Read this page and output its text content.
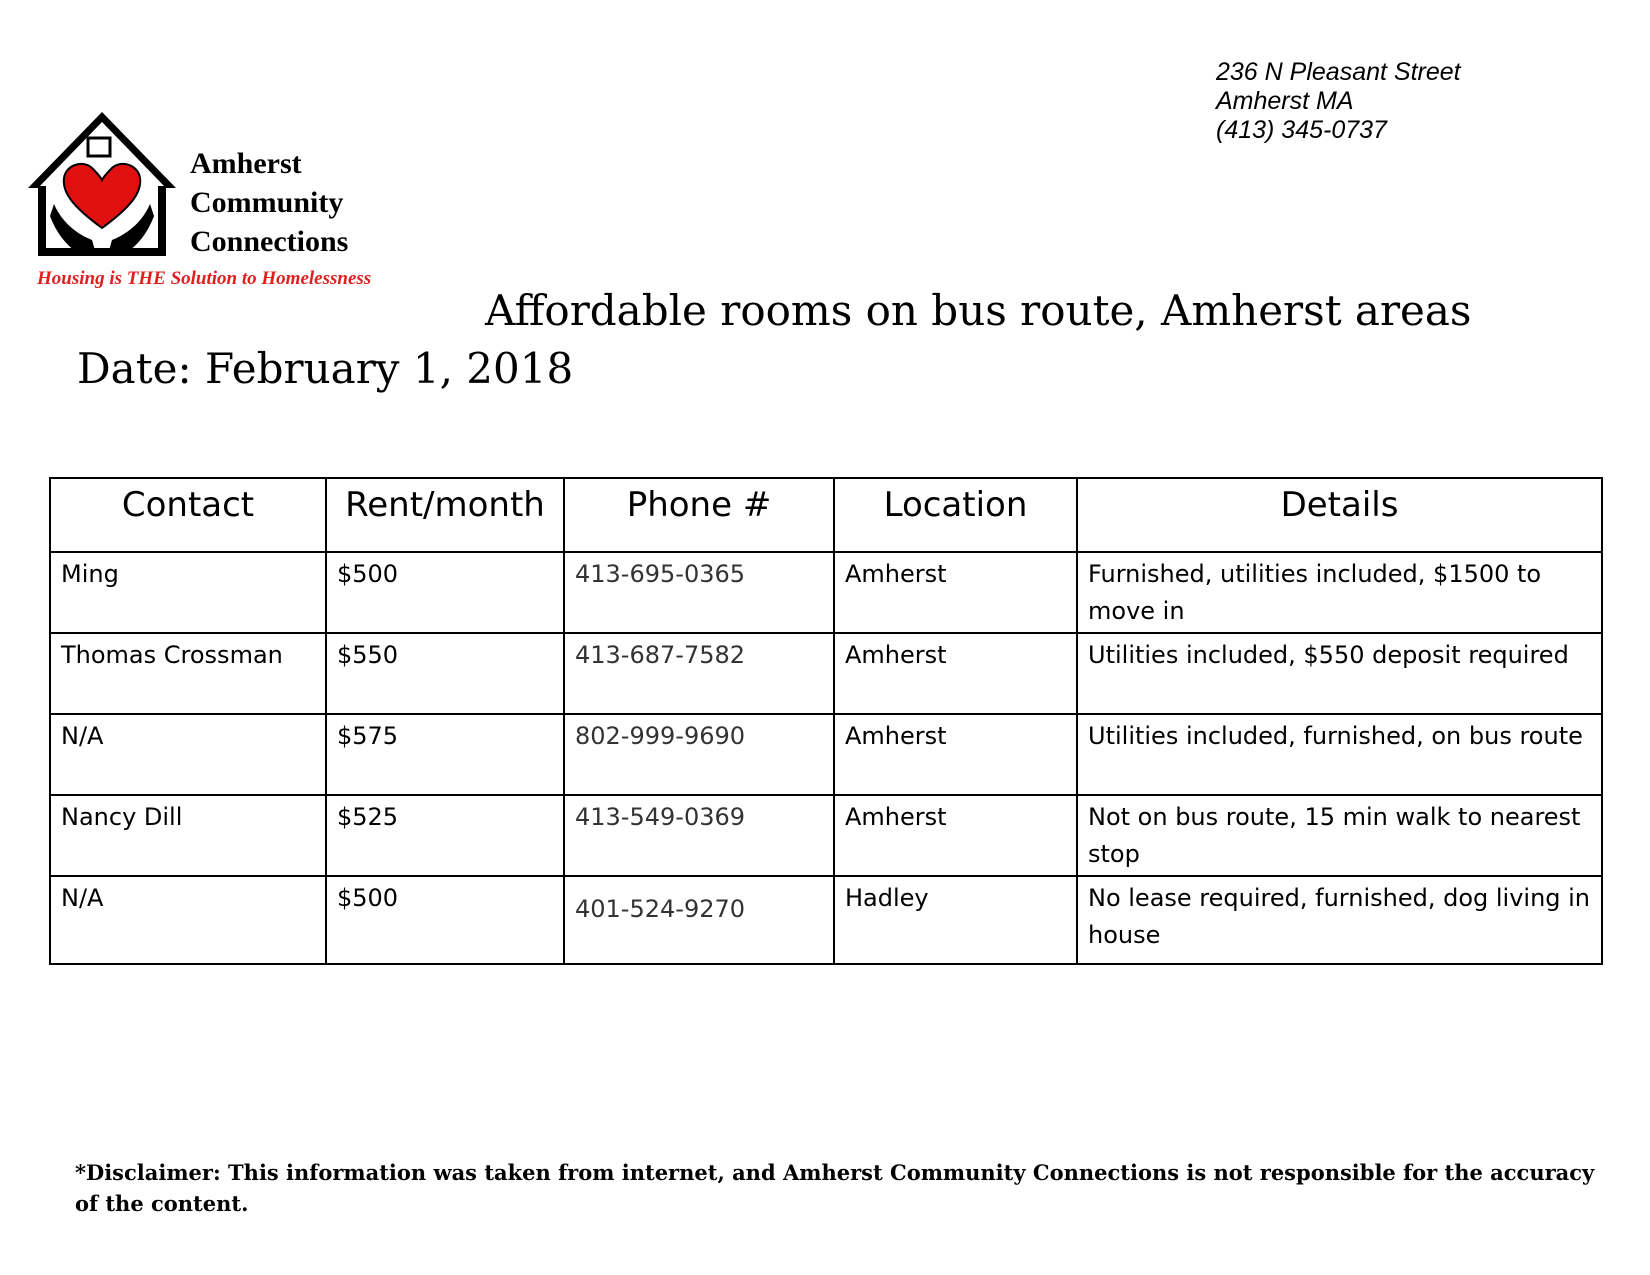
236 N Pleasant Street
Amherst MA
(413) 345-0737
Amherst
Community
Connections
Housing is THE Solution to Homelessness
Affordable rooms on bus route, Amherst areas
Date: February 1, 2018
Contact	Rent/month	Phone #	Location	Details
Ming	$500	413-695-0365	Amherst	Furnished, utilities included, $1500 to move in
Thomas Crossman	$550	413-687-7582	Amherst	Utilities included, $550 deposit required
N/A	$575	802-999-9690	Amherst	Utilities included, furnished, on bus route
Nancy Dill	$525	413-549-0369	Amherst	Not on bus route, 15 min walk to nearest stop
N/A	$500	401-524-9270	Hadley	No lease required, furnished, dog living in house
*Disclaimer: This information was taken from internet, and Amherst Community Connections is not responsible for the accuracy of the content.
